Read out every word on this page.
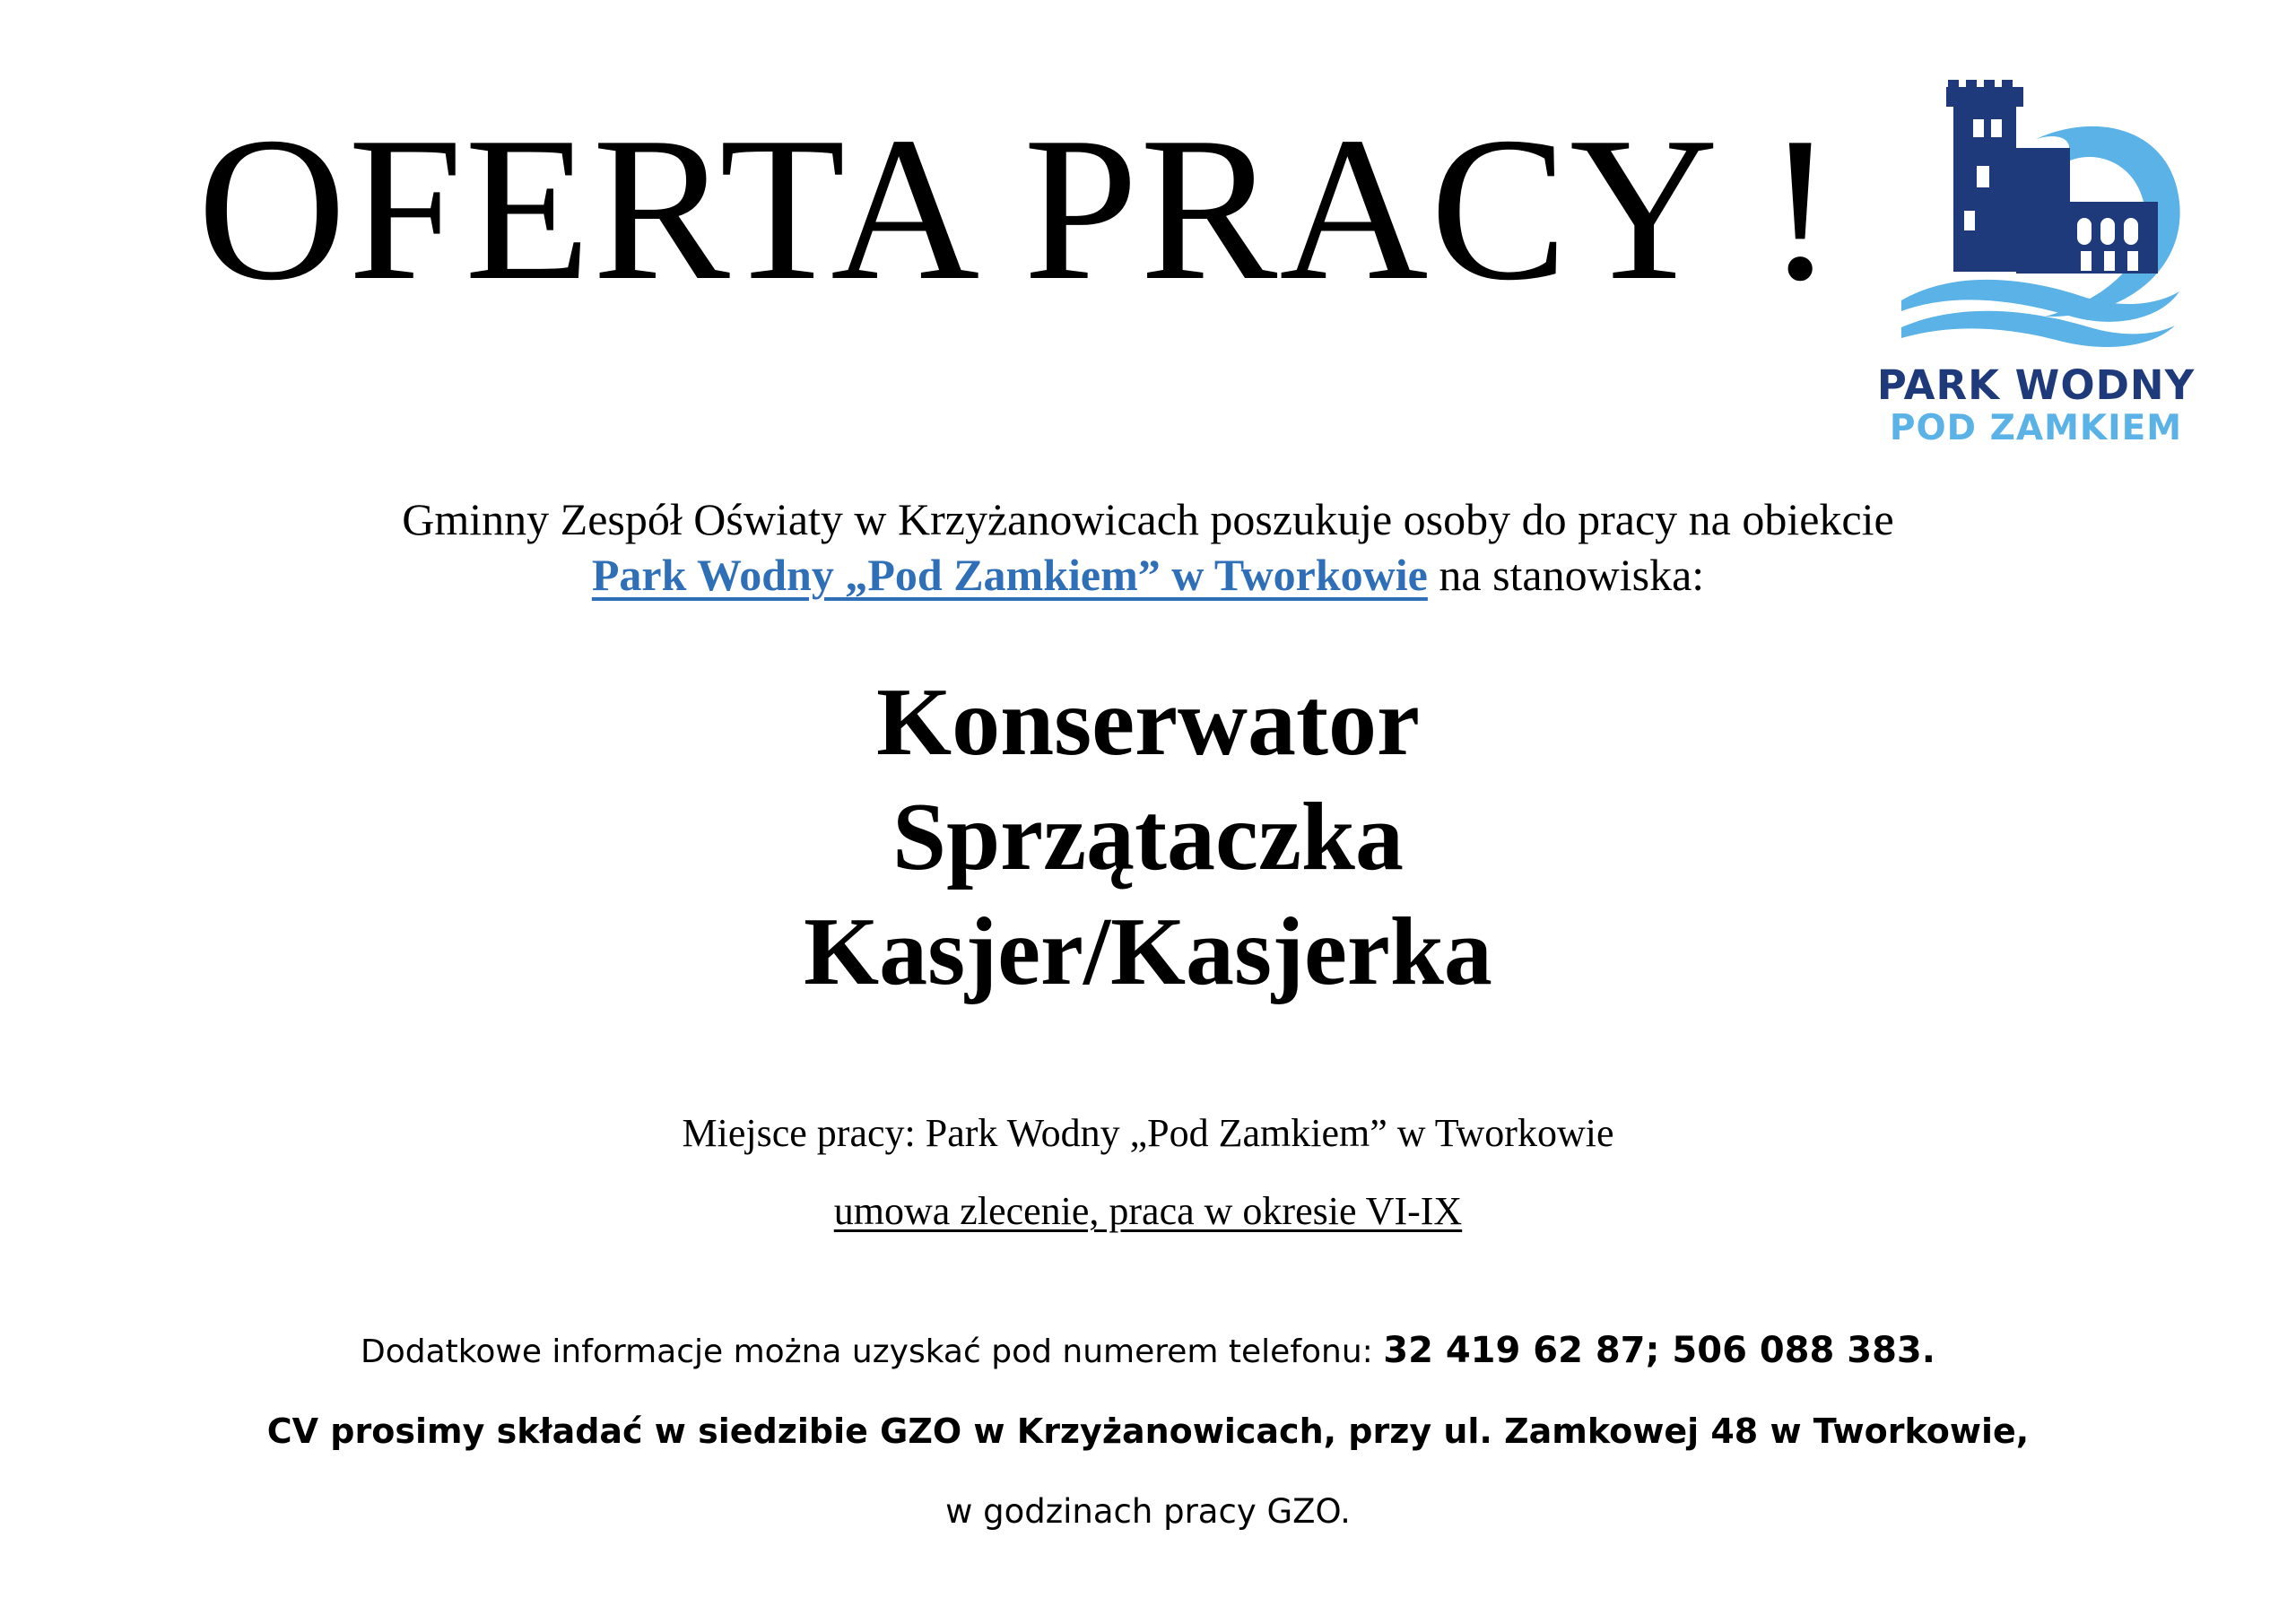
OFERTA PRACY !
PARK WODNY
POD ZAMKIEM
Gminny Zespół Oświaty w Krzyżanowicach poszukuje osoby do pracy na obiekcie
Park Wodny „Pod Zamkiem” w Tworkowie na stanowiska:
Konserwator
Sprzątaczka
Kasjer/Kasjerka
Miejsce pracy: Park Wodny „Pod Zamkiem” w Tworkowie
umowa zlecenie, praca w okresie VI-IX
Dodatkowe informacje można uzyskać pod numerem telefonu: 32 419 62 87; 506 088 383.
CV prosimy składać w siedzibie GZO w Krzyżanowicach, przy ul. Zamkowej 48 w Tworkowie,
w godzinach pracy GZO.
